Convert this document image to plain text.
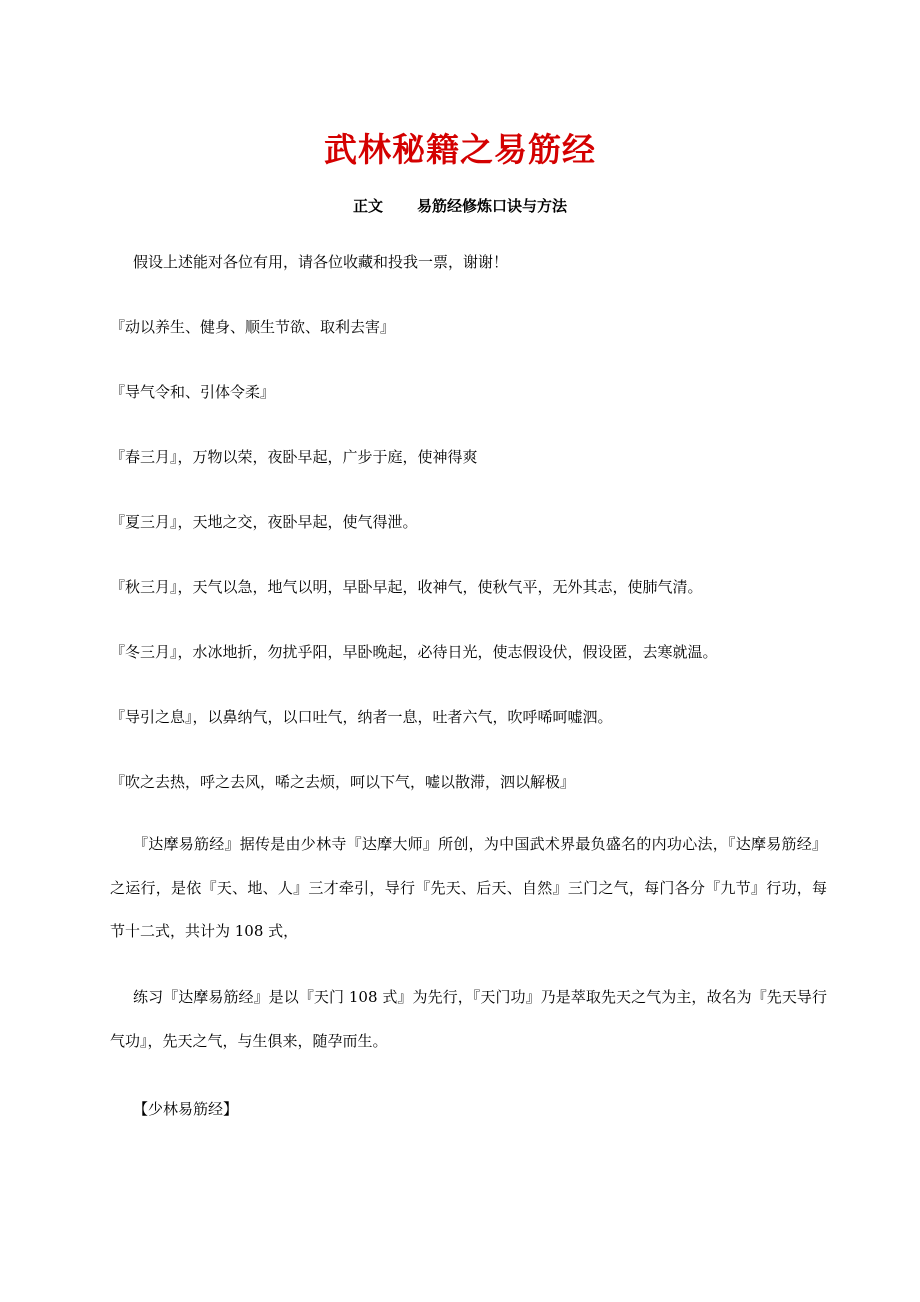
武林秘籍之易筋经
正文 易筋经修炼口诀与方法
假设上述能对各位有用，请各位收藏和投我一票，谢谢！
『动以养生、健身、顺生节欲、取利去害』
『导气令和、引体令柔』
『春三月』，万物以荣，夜卧早起，广步于庭，使神得爽
『夏三月』，天地之交，夜卧早起，使气得泄。
『秋三月』，天气以急，地气以明，早卧早起，收神气，使秋气平，无外其志，使肺气清。
『冬三月』，水冰地折，勿扰乎阳，早卧晚起，必待日光，使志假设伏，假设匿，去寒就温。
『导引之息』，以鼻纳气，以口吐气，纳者一息，吐者六气，吹呼唏呵嘘泗。
『吹之去热，呼之去风，唏之去烦，呵以下气，嘘以散滞，泗以解极』
『达摩易筋经』据传是由少林寺『达摩大师』所创，为中国武术界最负盛名的内功心法，『达摩易筋经』之运行，是依『天、地、人』三才牵引，导行『先天、后天、自然』三门之气，每门各分『九节』行功，每节十二式，共计为 108 式，
练习『达摩易筋经』是以『天门 108 式』为先行，『天门功』乃是萃取先天之气为主，故名为『先天导行气功』，先天之气，与生俱来，随孕而生。
【少林易筋经】
